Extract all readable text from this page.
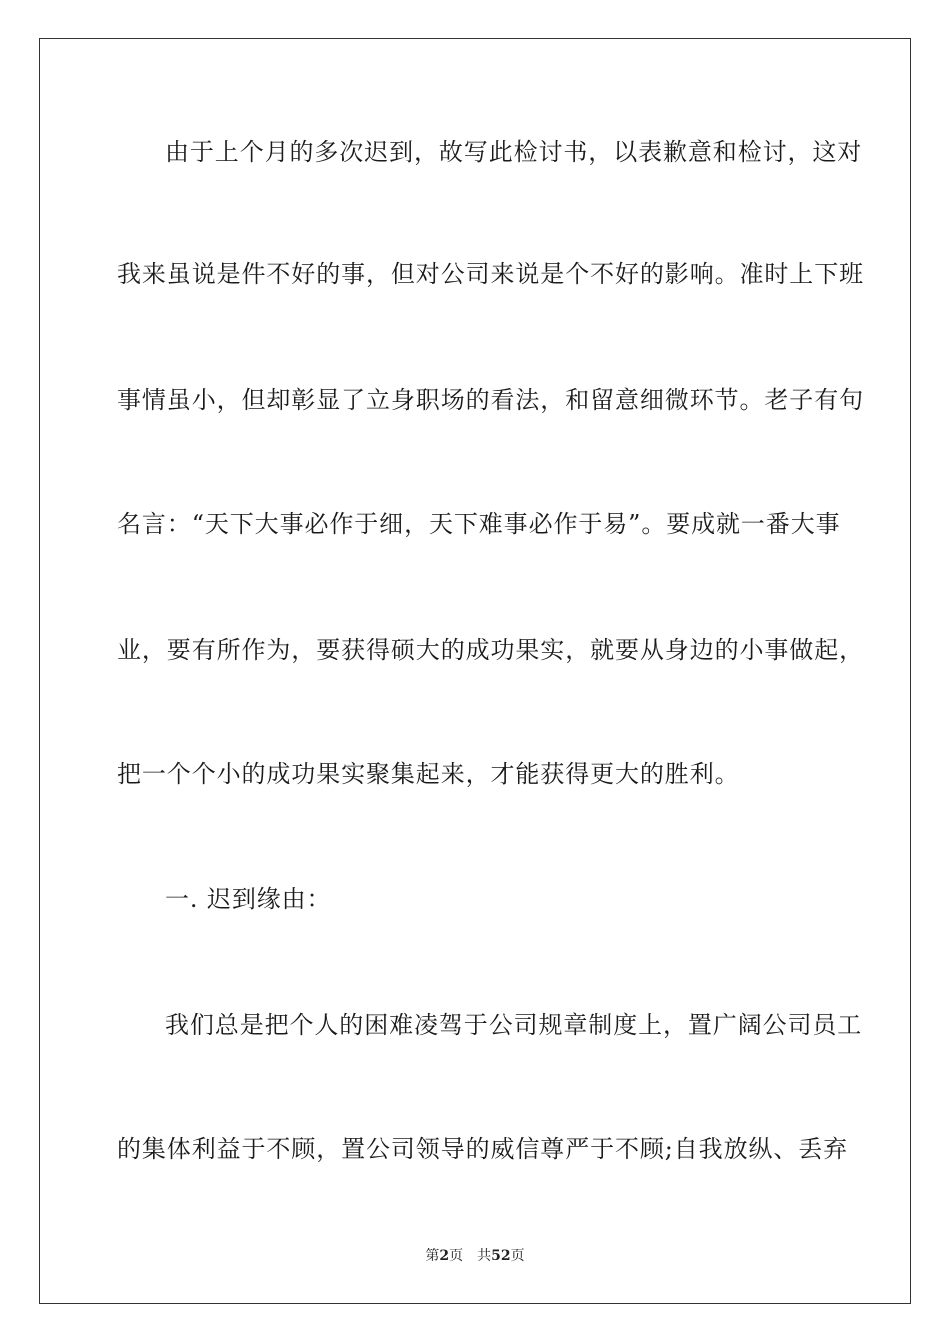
由于上个月的多次迟到，故写此检讨书，以表歉意和检讨，这对
我来虽说是件不好的事，但对公司来说是个不好的影响。准时上下班
事情虽小，但却彰显了立身职场的看法，和留意细微环节。老子有句
名言：“天下大事必作于细，天下难事必作于易”。要成就一番大事
业，要有所作为，要获得硕大的成功果实，就要从身边的小事做起，
把一个个小的成功果实聚集起来，才能获得更大的胜利。
一. 迟到缘由：
我们总是把个人的困难凌驾于公司规章制度上，置广阔公司员工
的集体利益于不顾，置公司领导的威信尊严于不顾;自我放纵、丢弃
第2页 共52页
